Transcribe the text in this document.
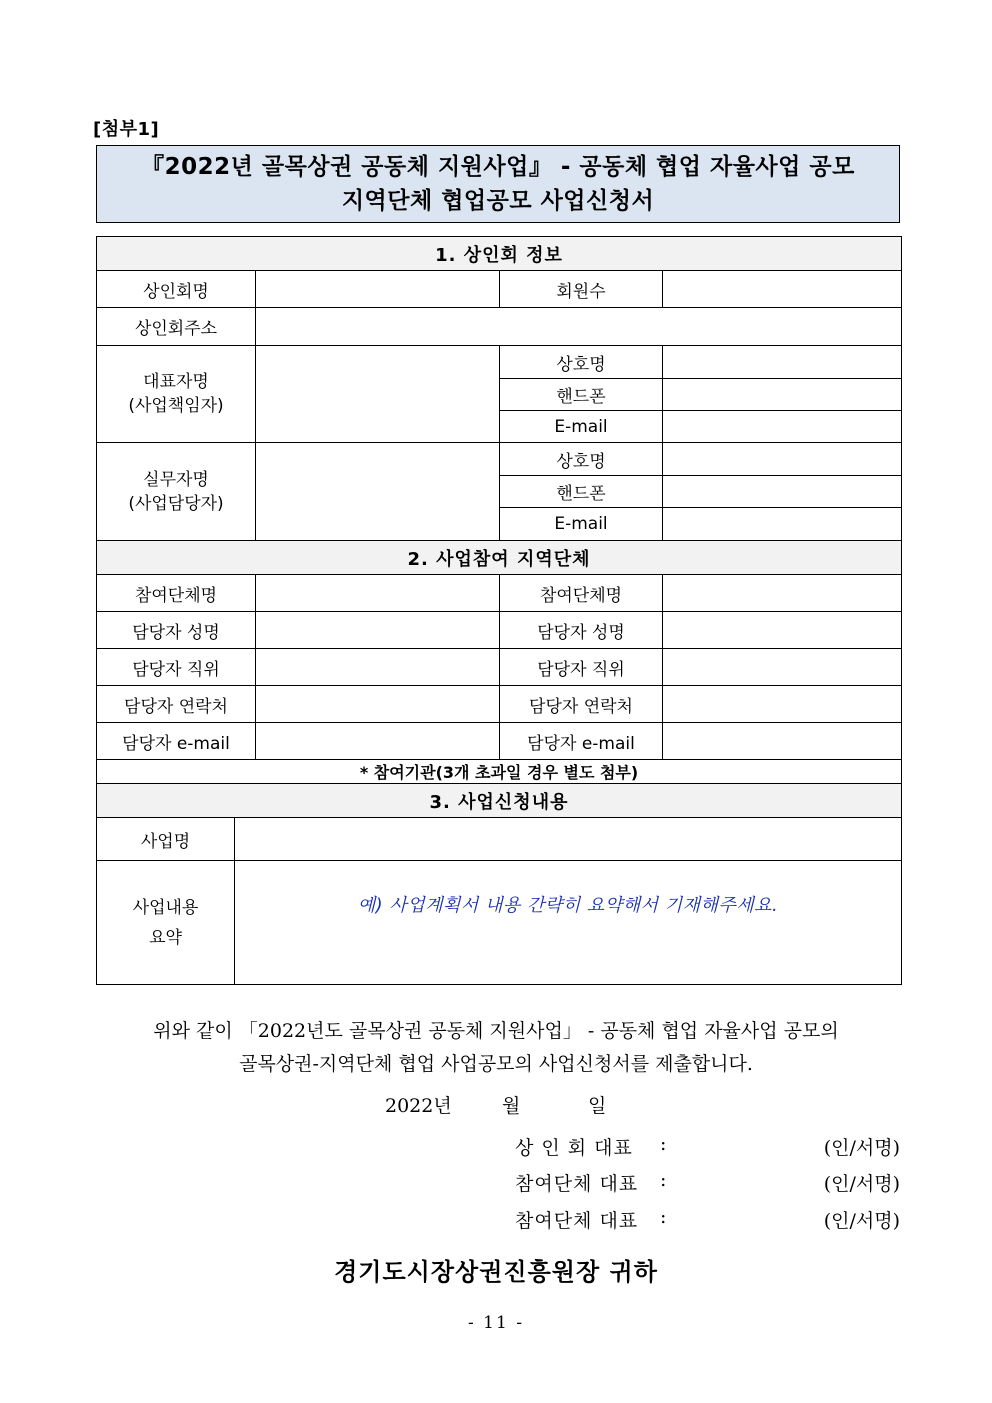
[첨부1]
『2022년 골목상권 공동체 지원사업』 - 공동체 협업 자율사업 공모
지역단체 협업공모 사업신청서
1. 상인회 정보			
상인회명		회원수	
상인회주소			

대표자명
(사업책임자)		상호명	
		핸드폰	
		E-mail	

실무자명
(사업담당자)		상호명	
		핸드폰	
		E-mail	
2. 사업참여 지역단체			
참여단체명		참여단체명	
담당자 성명		담당자 성명	
담당자 직위		담당자 직위	
담당자 연락처		담당자 연락처	
담당자 e-mail		담당자 e-mail	
* 참여기관(3개 초과일 경우 별도 첨부)			
3. 사업신청내용	
사업명	

사업내용
요약	예) 사업계획서 내용 간략히 요약해서 기재해주세요.
위와 같이 「2022년도 골목상권 공동체 지원사업」 - 공동체 협업 자율사업 공모의
골목상권-지역단체 협업 사업공모의 사업신청서를 제출합니다.
2022년	월	일
상 인 회 대표 :	(인/서명)
참여단체 대표 :	(인/서명)
참여단체 대표 :	(인/서명)
경기도시장상권진흥원장 귀하
- 11 -
